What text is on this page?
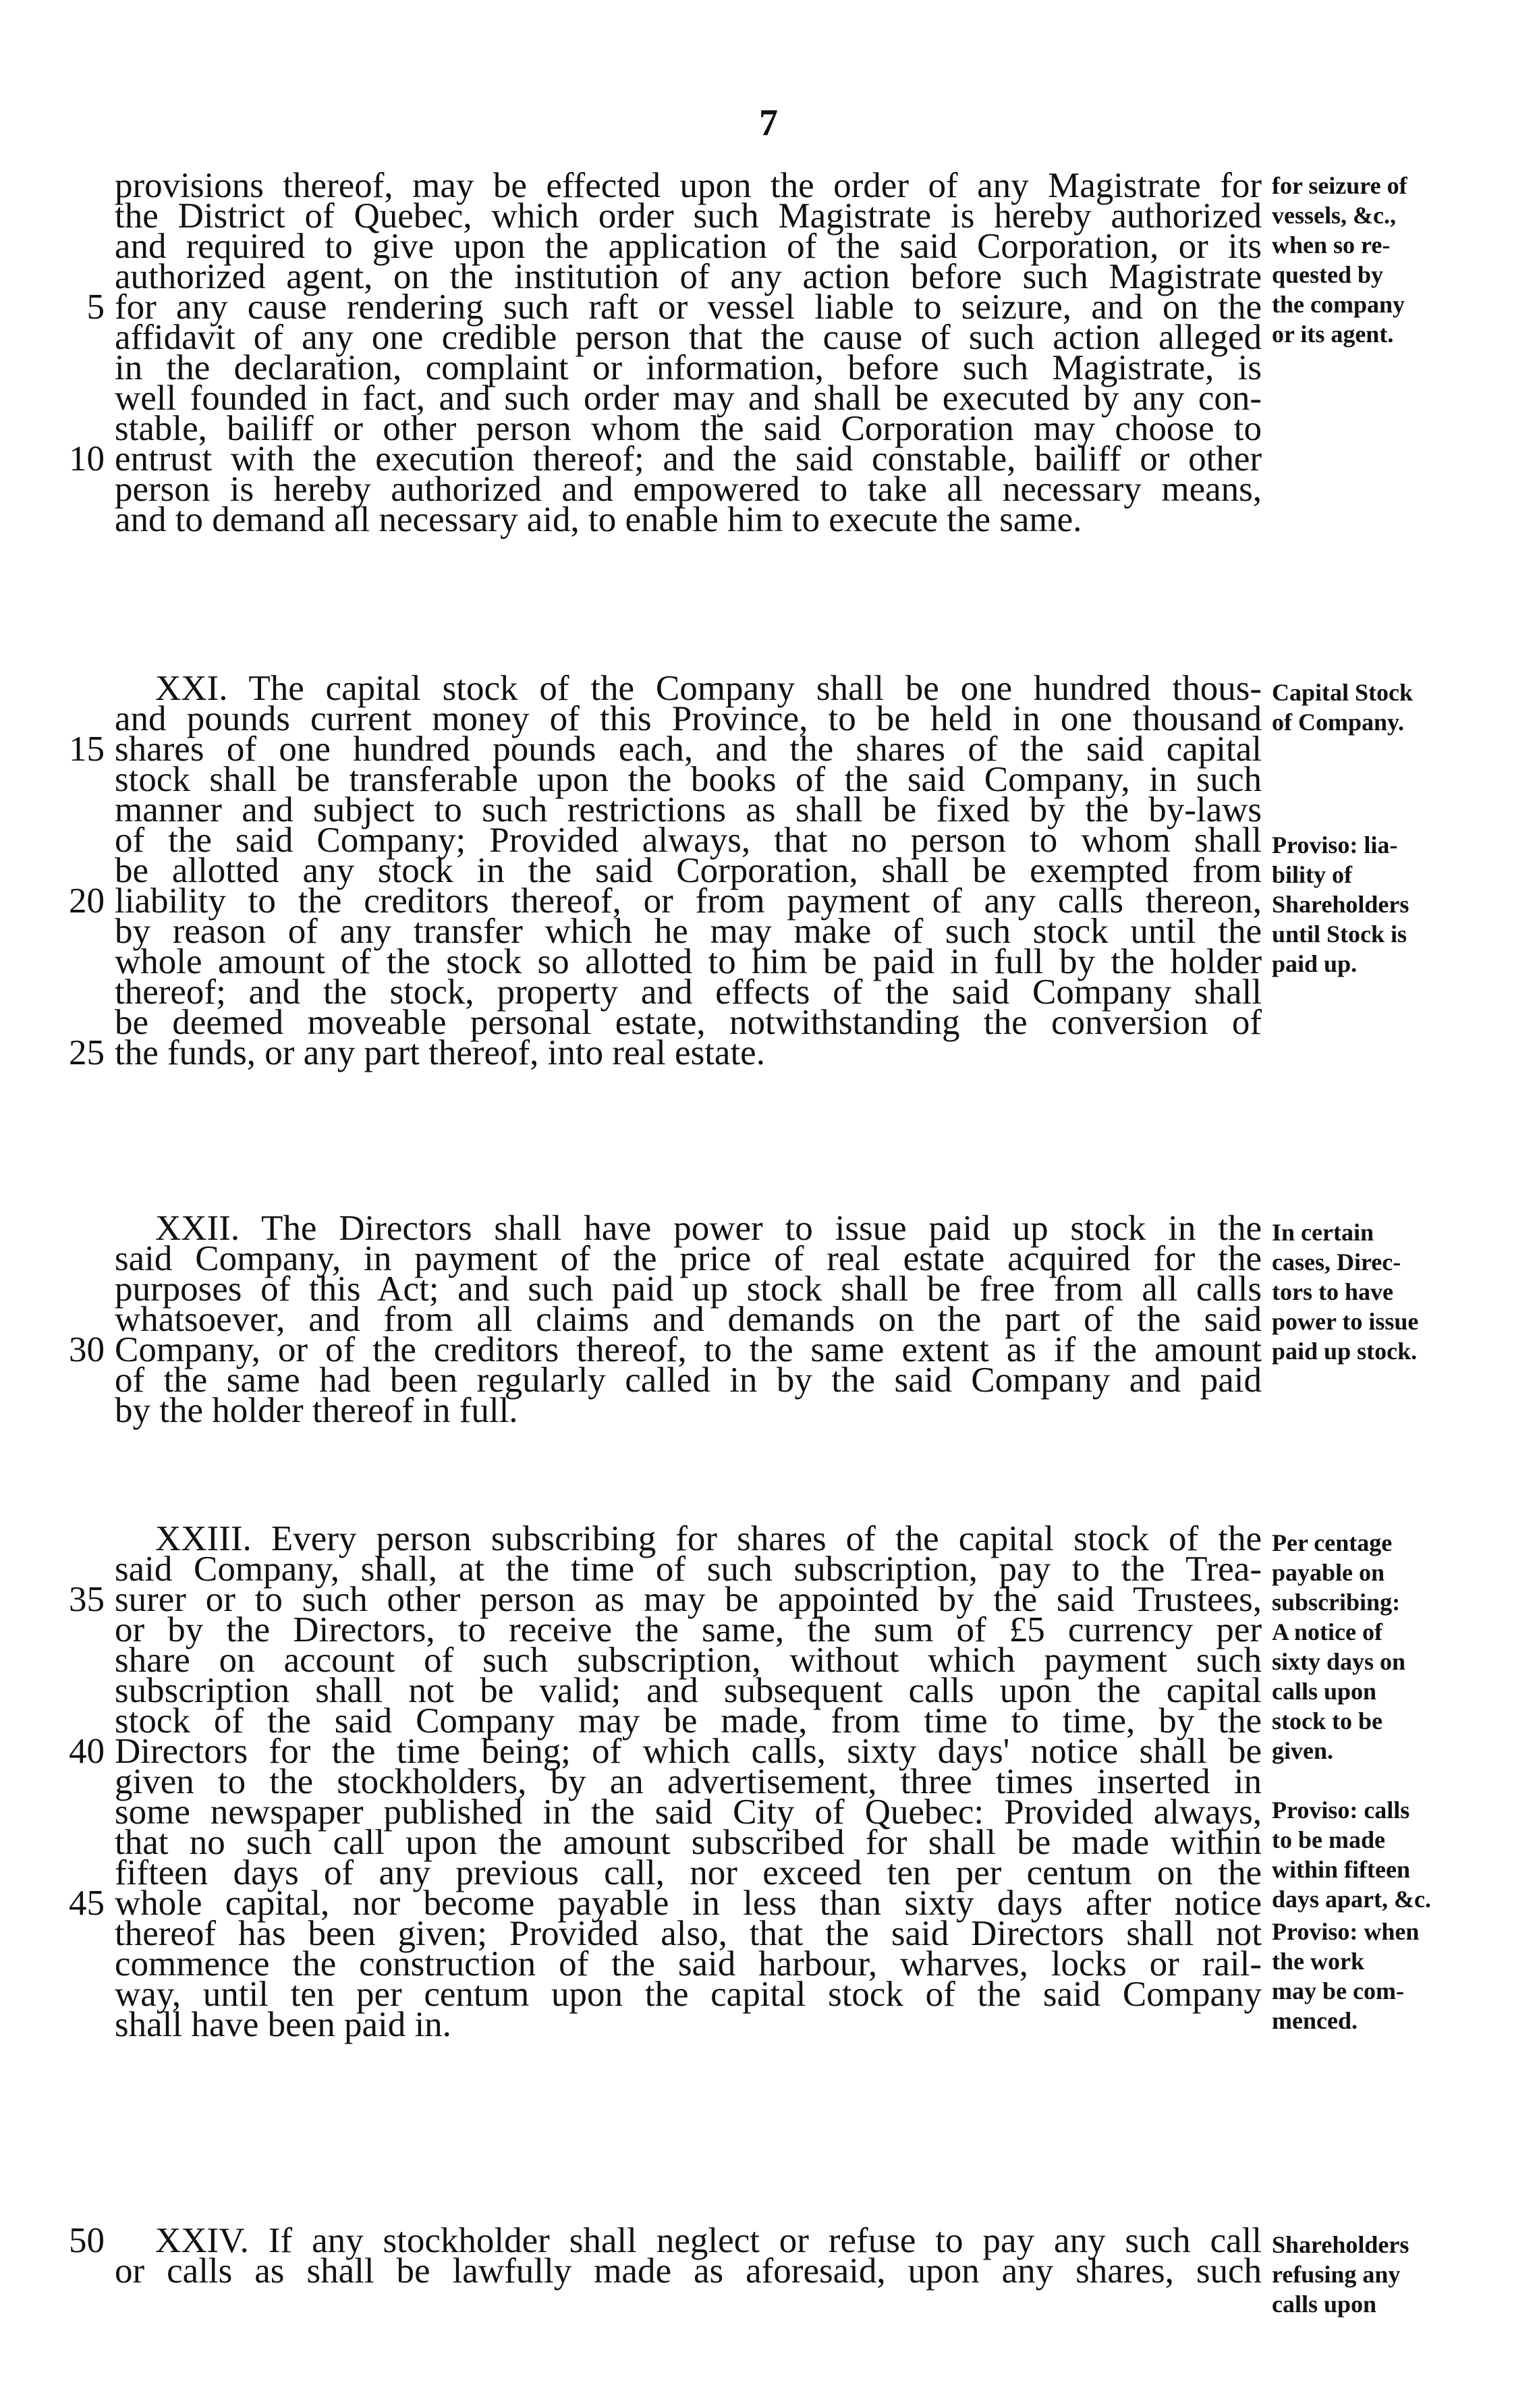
7
provisions thereof, may be effected upon the order of any Magistrate for
the District of Quebec, which order such Magistrate is hereby authorized
and required to give upon the application of the said Corporation, or its
authorized agent, on the institution of any action before such Magistrate
5 for any cause rendering such raft or vessel liable to seizure, and on the
affidavit of any one credible person that the cause of such action alleged
in the declaration, complaint or information, before such Magistrate, is
well founded in fact, and such order may and shall be executed by any con-
stable, bailiff or other person whom the said Corporation may choose to
10 entrust with the execution thereof; and the said constable, bailiff or other
person is hereby authorized and empowered to take all necessary means,
and to demand all necessary aid, to enable him to execute the same.
for seizure of
vessels, &c.,
when so re-
quested by
the company
or its agent.
XXI. The capital stock of the Company shall be one hundred thous-
and pounds current money of this Province, to be held in one thousand
15 shares of one hundred pounds each, and the shares of the said capital
stock shall be transferable upon the books of the said Company, in such
manner and subject to such restrictions as shall be fixed by the by-laws
of the said Company; Provided always, that no person to whom shall
be allotted any stock in the said Corporation, shall be exempted from
20 liability to the creditors thereof, or from payment of any calls thereon,
by reason of any transfer which he may make of such stock until the
whole amount of the stock so allotted to him be paid in full by the holder
thereof; and the stock, property and effects of the said Company shall
be deemed moveable personal estate, notwithstanding the conversion of
25 the funds, or any part thereof, into real estate.
Capital Stock
of Company.
Proviso: lia-
bility of
Shareholders
until Stock is
paid up.
XXII. The Directors shall have power to issue paid up stock in the
said Company, in payment of the price of real estate acquired for the
purposes of this Act; and such paid up stock shall be free from all calls
whatsoever, and from all claims and demands on the part of the said
30 Company, or of the creditors thereof, to the same extent as if the amount
of the same had been regularly called in by the said Company and paid
by the holder thereof in full.
In certain
cases, Direc-
tors to have
power to issue
paid up stock.
XXIII. Every person subscribing for shares of the capital stock of the
said Company, shall, at the time of such subscription, pay to the Trea-
35 surer or to such other person as may be appointed by the said Trustees,
or by the Directors, to receive the same, the sum of £5 currency per
share on account of such subscription, without which payment such
subscription shall not be valid; and subsequent calls upon the capital
stock of the said Company may be made, from time to time, by the
40 Directors for the time being; of which calls, sixty days' notice shall be
given to the stockholders, by an advertisement, three times inserted in
some newspaper published in the said City of Quebec: Provided always,
that no such call upon the amount subscribed for shall be made within
fifteen days of any previous call, nor exceed ten per centum on the
45 whole capital, nor become payable in less than sixty days after notice
thereof has been given; Provided also, that the said Directors shall not
commence the construction of the said harbour, wharves, locks or rail-
way, until ten per centum upon the capital stock of the said Company
shall have been paid in.
Per centage
payable on
subscribing:
A notice of
sixty days on
calls upon
stock to be
given.
Proviso: calls
to be made
within fifteen
days apart, &c.
Proviso: when
the work
may be com-
menced.
50	XXIV. If any stockholder shall neglect or refuse to pay any such call
or calls as shall be lawfully made as aforesaid, upon any shares, such
Shareholders
refusing any
calls upon
